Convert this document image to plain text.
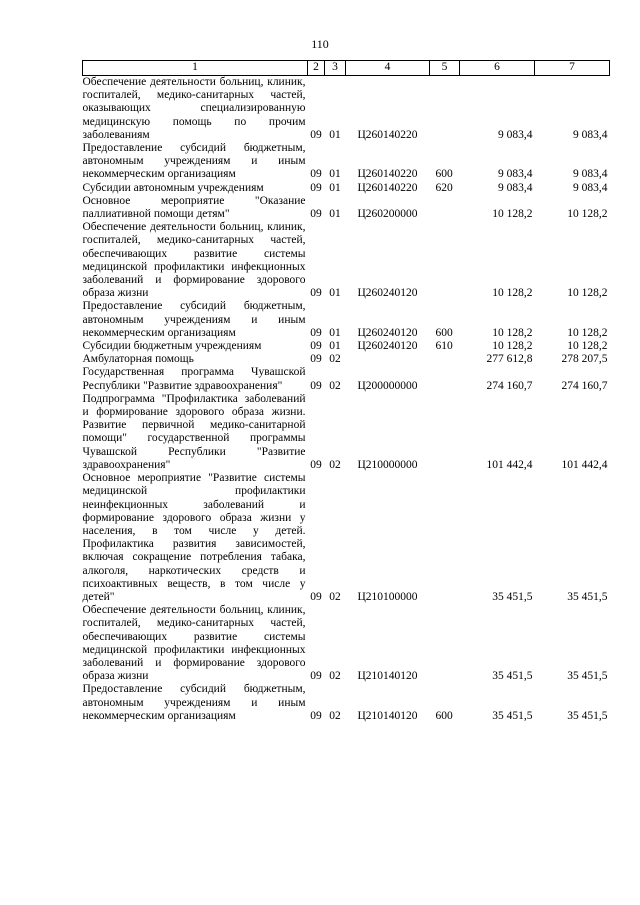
110
1	2	3	4	5	6	7
Обеспечение деятельности больниц, клиник, госпиталей, медико-санитарных частей, оказывающих специализированную медицинскую помощь по прочим заболеваниям	09	01	Ц260140220		9 083,4	9 083,4
Предоставление субсидий бюджетным, автономным учреждениям и иным некоммерческим организациям	09	01	Ц260140220	600	9 083,4	9 083,4
Субсидии автономным учреждениям	09	01	Ц260140220	620	9 083,4	9 083,4
Основное мероприятие "Оказание паллиативной помощи детям"	09	01	Ц260200000		10 128,2	10 128,2
Обеспечение деятельности больниц, клиник, госпиталей, медико-санитарных частей, обеспечивающих развитие системы медицинской профилактики инфекционных заболеваний и формирование здорового образа жизни	09	01	Ц260240120		10 128,2	10 128,2
Предоставление субсидий бюджетным, автономным учреждениям и иным некоммерческим организациям	09	01	Ц260240120	600	10 128,2	10 128,2
Субсидии бюджетным учреждениям	09	01	Ц260240120	610	10 128,2	10 128,2
Амбулаторная помощь	09	02			277 612,8	278 207,5
Государственная программа Чувашской Республики "Развитие здравоохранения"	09	02	Ц200000000		274 160,7	274 160,7
Подпрограмма "Профилактика заболеваний и формирование здорового образа жизни. Развитие первичной медико-санитарной помощи" государственной программы Чувашской Республики "Развитие здравоохранения"	09	02	Ц210000000		101 442,4	101 442,4
Основное мероприятие "Развитие системы медицинской профилактики неинфекционных заболеваний и формирование здорового образа жизни у населения, в том числе у детей. Профилактика развития зависимостей, включая сокращение потребления табака, алкоголя, наркотических средств и психоактивных веществ, в том числе у детей"	09	02	Ц210100000		35 451,5	35 451,5
Обеспечение деятельности больниц, клиник, госпиталей, медико-санитарных частей, обеспечивающих развитие системы медицинской профилактики инфекционных заболеваний и формирование здорового образа жизни	09	02	Ц210140120		35 451,5	35 451,5
Предоставление субсидий бюджетным, автономным учреждениям и иным некоммерческим организациям	09	02	Ц210140120	600	35 451,5	35 451,5
